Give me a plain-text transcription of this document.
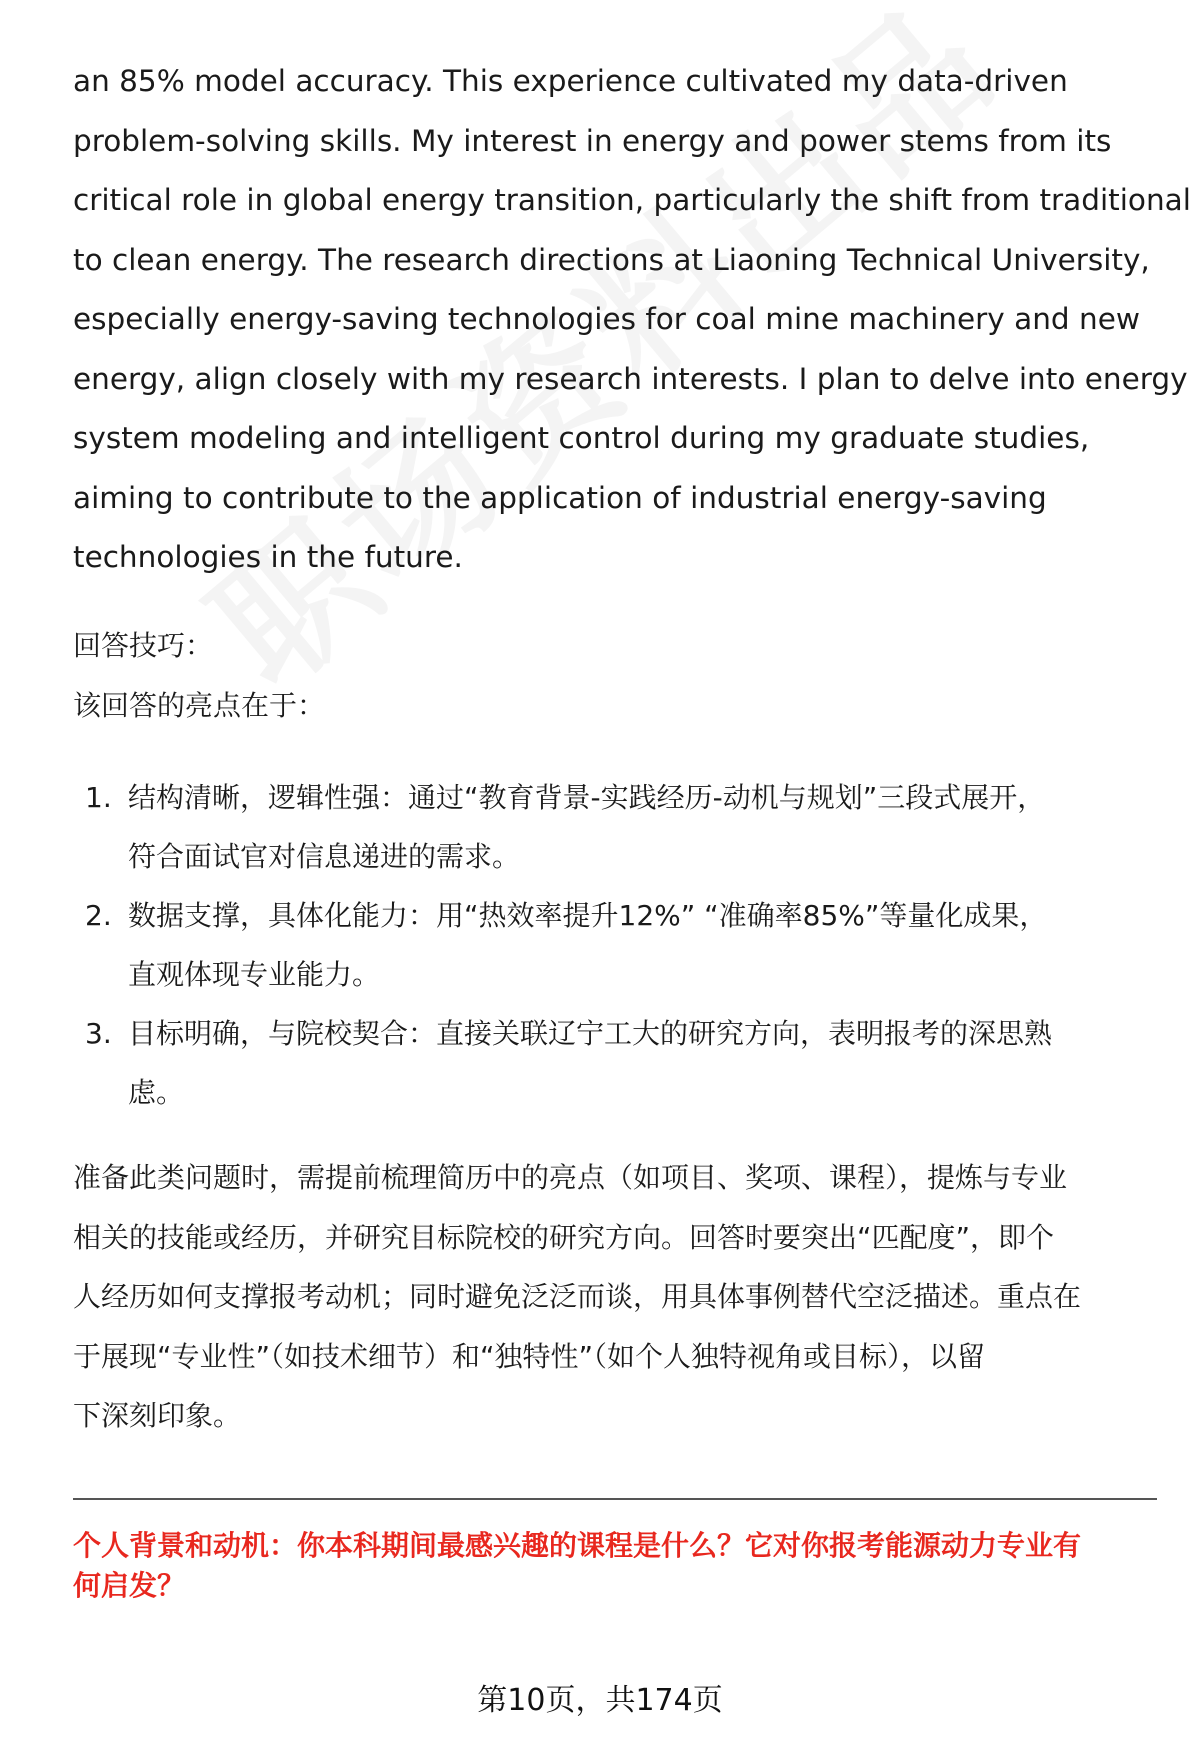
an 85% model accuracy. This experience cultivated my data-driven
problem-solving skills. My interest in energy and power stems from its
critical role in global energy transition, particularly the shift from traditional
to clean energy. The research directions at Liaoning Technical University,
especially energy-saving technologies for coal mine machinery and new
energy, align closely with my research interests. I plan to delve into energy
system modeling and intelligent control during my graduate studies,
aiming to contribute to the application of industrial energy-saving
technologies in the future.

回答技巧：

该回答的亮点在于：

1. 结构清晰，逻辑性强：通过“教育背景-实践经历-动机与规划”三段式展开，
符合面试官对信息递进的需求。
2. 数据支撑，具体化能力：用“热效率提升12%” “准确率85%”等量化成果，
直观体现专业能力。
3. 目标明确，与院校契合：直接关联辽宁工大的研究方向，表明报考的深思熟
虑。
准备此类问题时，需提前梳理简历中的亮点（如项目、奖项、课程），提炼与专业
相关的技能或经历，并研究目标院校的研究方向。回答时要突出“匹配度”，即个
人经历如何支撑报考动机；同时避免泛泛而谈，用具体事例替代空泛描述。重点在
于展现“专业性”（如技术细节）和“独特性”（如个人独特视角或目标），以留
下深刻印象。
个人背景和动机：你本科期间最感兴趣的课程是什么？它对你报考能源动力专业有
何启发？

第10页，共174页
